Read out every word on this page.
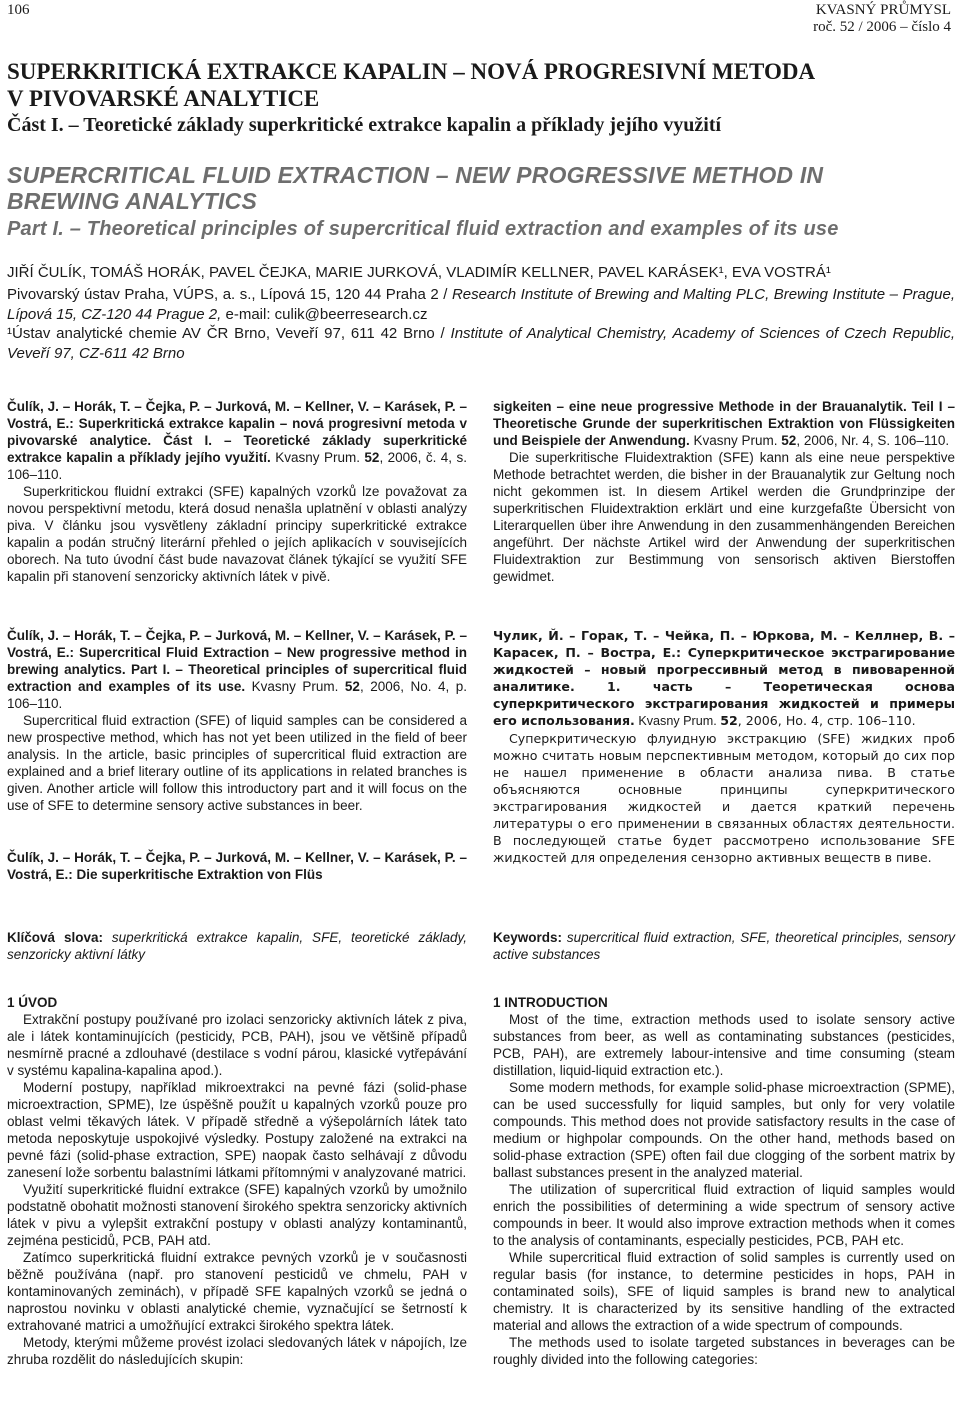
106	KVASNÝ PRŮMYSL
roč. 52 / 2006 – číslo 4
SUPERKRITICKÁ EXTRAKCE KAPALIN – NOVÁ PROGRESIVNÍ METODA
V PIVOVARSKÉ ANALYTICE
Část I. – Teoretické základy superkritické extrakce kapalin a příklady jejího využití
SUPERCRITICAL FLUID EXTRACTION – NEW PROGRESSIVE METHOD IN
BREWING ANALYTICS
Part I. – Theoretical principles of supercritical fluid extraction and examples of its use
JIŘÍ ČULÍK, TOMÁŠ HORÁK, PAVEL ČEJKA, MARIE JURKOVÁ, VLADIMÍR KELLNER, PAVEL KARÁSEK¹, EVA VOSTRÁ¹

Pivovarský ústav Praha, VÚPS, a. s., Lípová 15, 120 44 Praha 2 / Research Institute of Brewing and Malting PLC, Brewing Institute – Prague, Lípová 15, CZ-120 44 Prague 2, e-mail: culik@beerresearch.cz

¹Ústav analytické chemie AV ČR Brno, Veveří 97, 611 42 Brno / Institute of Analytical Chemistry, Academy of Sciences of Czech Republic, Veveří 97, CZ-611 42 Brno

Čulík, J. – Horák, T. – Čejka, P. – Jurková, M. – Kellner, V. – Karásek, P. – Vostrá, E.: Superkritická extrakce kapalin – nová progresivní metoda v pivovarské analytice. Část I. – Teoretické základy superkritické extrakce kapalin a příklady jejího využití. Kvasny Prum. 52, 2006, č. 4, s. 106–110.

Superkritickou fluidní extrakci (SFE) kapalných vzorků lze považovat za novou perspektivní metodu, která dosud nenašla uplatnění v oblasti analýzy piva. V článku jsou vysvětleny základní principy superkritické extrakce kapalin a podán stručný literární přehled o jejích aplikacích v souvisejících oborech. Na tuto úvodní část bude navazovat článek týkající se využití SFE kapalin při stanovení senzoricky aktivních látek v pivě.

Čulík, J. – Horák, T. – Čejka, P. – Jurková, M. – Kellner, V. – Karásek, P. – Vostrá, E.: Supercritical Fluid Extraction – New progressive method in brewing analytics. Part I. – Theoretical principles of supercritical fluid extraction and examples of its use. Kvasny Prum. 52, 2006, No. 4, p. 106–110.

Supercritical fluid extraction (SFE) of liquid samples can be considered a new prospective method, which has not yet been utilized in the field of beer analysis. In the article, basic principles of supercritical fluid extraction are explained and a brief literary outline of its applications in related branches is given. Another article will follow this introductory part and it will focus on the use of SFE to determine sensory active substances in beer.

Čulík, J. – Horák, T. – Čejka, P. – Jurková, M. – Kellner, V. – Karásek, P. – Vostrá, E.: Die superkritische Extraktion von Flüs

sigkeiten – eine neue progressive Methode in der Brauanalytik. Teil I – Theoretische Grunde der superkritischen Extraktion von Flüssigkeiten und Beispiele der Anwendung. Kvasny Prum. 52, 2006, Nr. 4, S. 106–110.

Die superkritische Fluidextraktion (SFE) kann als eine neue perspektive Methode betrachtet werden, die bisher in der Brauanalytik zur Geltung noch nicht gekommen ist. In diesem Artikel werden die Grundprinzipe der superkritischen Fluidextraktion erklärt und eine kurzgefaßte Übersicht von Literarquellen über ihre Anwendung in den zusammenhängenden Bereichen angeführt. Der nächste Artikel wird der Anwendung der superkritischen Fluidextraktion zur Bestimmung von sensorisch aktiven Bierstoffen gewidmet.

Чулик, Й. – Горак, Т. – Чейка, П. – Юркова, М. – Келлнер, В. – Карасек, П. – Востра, Е.: Суперкритическое экстрагирование жидкостей – новый прогрессивный метод в пивоваренной аналитике. 1. часть – Теоретическая основа суперкритического экстрагирования жидкостей и примеры его использования. Kvasny Prum. 52, 2006, Но. 4, стр. 106–110.

Суперкритическую флуидную экстракцию (SFE) жидких проб можно считать новым перспективным методом, который до сих пор не нашел применение в области анализа пива. В статье объясняются основные принципы суперкритического экстрагирования жидкостей и дается краткий перечень литературы о его применении в связанных областях деятельности. В последующей статье будет рассмотрено использование SFE жидкостей для определения сензорно активных веществ в пиве.

Klíčová slova: superkritická extrakce kapalin, SFE, teoretické základy, senzoricky aktivní látky

Keywords: supercritical fluid extraction, SFE, theoretical principles, sensory active substances

1 ÚVOD

Extrakční postupy používané pro izolaci senzoricky aktivních látek z piva, ale i látek kontaminujících (pesticidy, PCB, PAH), jsou ve většině případů nesmírně pracné a zdlouhavé (destilace s vodní párou, klasické vytřepávání v systému kapalina-kapalina apod.).

Moderní postupy, například mikroextrakci na pevné fázi (solid-phase microextraction, SPME), lze úspěšně použít u kapalných vzorků pouze pro oblast velmi těkavých látek. V případě středně a výšepolárních látek tato metoda neposkytuje uspokojivé výsledky. Postupy založené na extrakci na pevné fázi (solid-phase extraction, SPE) naopak často selhávají z důvodu zanesení lože sorbentu balastními látkami přítomnými v analyzované matrici.

Využití superkritické fluidní extrakce (SFE) kapalných vzorků by umožnilo podstatně obohatit možnosti stanovení širokého spektra senzoricky aktivních látek v pivu a vylepšit extrakční postupy v oblasti analýzy kontaminantů, zejména pesticidů, PCB, PAH atd.

Zatímco superkritická fluidní extrakce pevných vzorků je v současnosti běžně používána (např. pro stanovení pesticidů ve chmelu, PAH v kontaminovaných zeminách), v případě SFE kapalných vzorků se jedná o naprostou novinku v oblasti analytické chemie, vyznačující se šetrností k extrahované matrici a umožňující extrakci širokého spektra látek.

Metody, kterými můžeme provést izolaci sledovaných látek v nápojích, lze zhruba rozdělit do následujících skupin:

1 INTRODUCTION

Most of the time, extraction methods used to isolate sensory active substances from beer, as well as contaminating substances (pesticides, PCB, PAH), are extremely labour-intensive and time consuming (steam distillation, liquid-liquid extraction etc.).

Some modern methods, for example solid-phase microextraction (SPME), can be used successfully for liquid samples, but only for very volatile compounds. This method does not provide satisfactory results in the case of medium or highpolar compounds. On the other hand, methods based on solid-phase extraction (SPE) often fail due clogging of the sorbent matrix by ballast substances present in the analyzed material.

The utilization of supercritical fluid extraction of liquid samples would enrich the possibilities of determining a wide spectrum of sensory active compounds in beer. It would also improve extraction methods when it comes to the analysis of contaminants, especially pesticides, PCB, PAH etc.

While supercritical fluid extraction of solid samples is currently used on regular basis (for instance, to determine pesticides in hops, PAH in contaminated soils), SFE of liquid samples is brand new to analytical chemistry. It is characterized by its sensitive handling of the extracted material and allows the extraction of a wide spectrum of compounds.

The methods used to isolate targeted substances in beverages can be roughly divided into the following categories:
